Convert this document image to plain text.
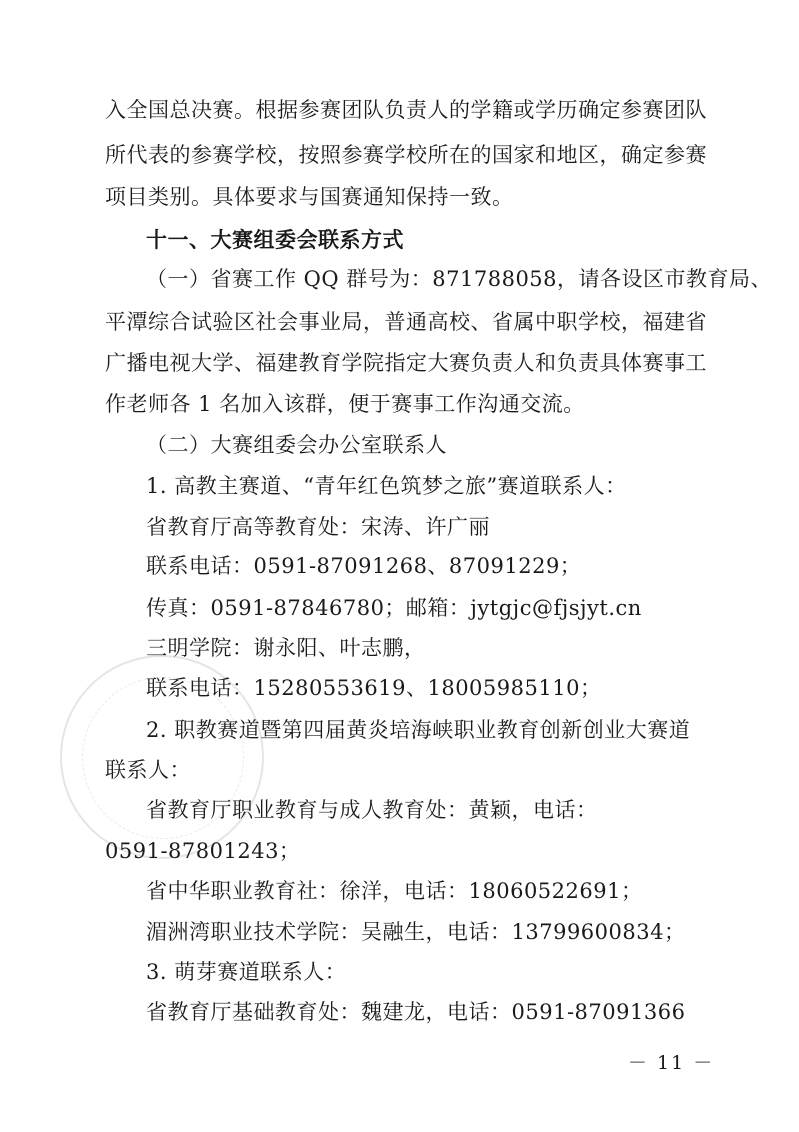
入全国总决赛。根据参赛团队负责人的学籍或学历确定参赛团队
所代表的参赛学校，按照参赛学校所在的国家和地区，确定参赛
项目类别。具体要求与国赛通知保持一致。
十一、大赛组委会联系方式
（一）省赛工作 QQ 群号为：871788058，请各设区市教育局、
平潭综合试验区社会事业局，普通高校、省属中职学校，福建省
广播电视大学、福建教育学院指定大赛负责人和负责具体赛事工
作老师各 1 名加入该群，便于赛事工作沟通交流。
（二）大赛组委会办公室联系人
1. 高教主赛道、“青年红色筑梦之旅”赛道联系人：
省教育厅高等教育处：宋涛、许广丽
联系电话：0591-87091268、87091229；
传真：0591-87846780；邮箱：jytgjc@fjsjyt.cn
三明学院：谢永阳、叶志鹏，
联系电话：15280553619、18005985110；
2. 职教赛道暨第四届黄炎培海峡职业教育创新创业大赛道
联系人：
省教育厅职业教育与成人教育处：黄颖，电话：
0591-87801243；
省中华职业教育社：徐洋，电话：18060522691；
湄洲湾职业技术学院：吴融生，电话：13799600834；
3. 萌芽赛道联系人：
省教育厅基础教育处：魏建龙，电话：0591-87091366
－ 11 －
